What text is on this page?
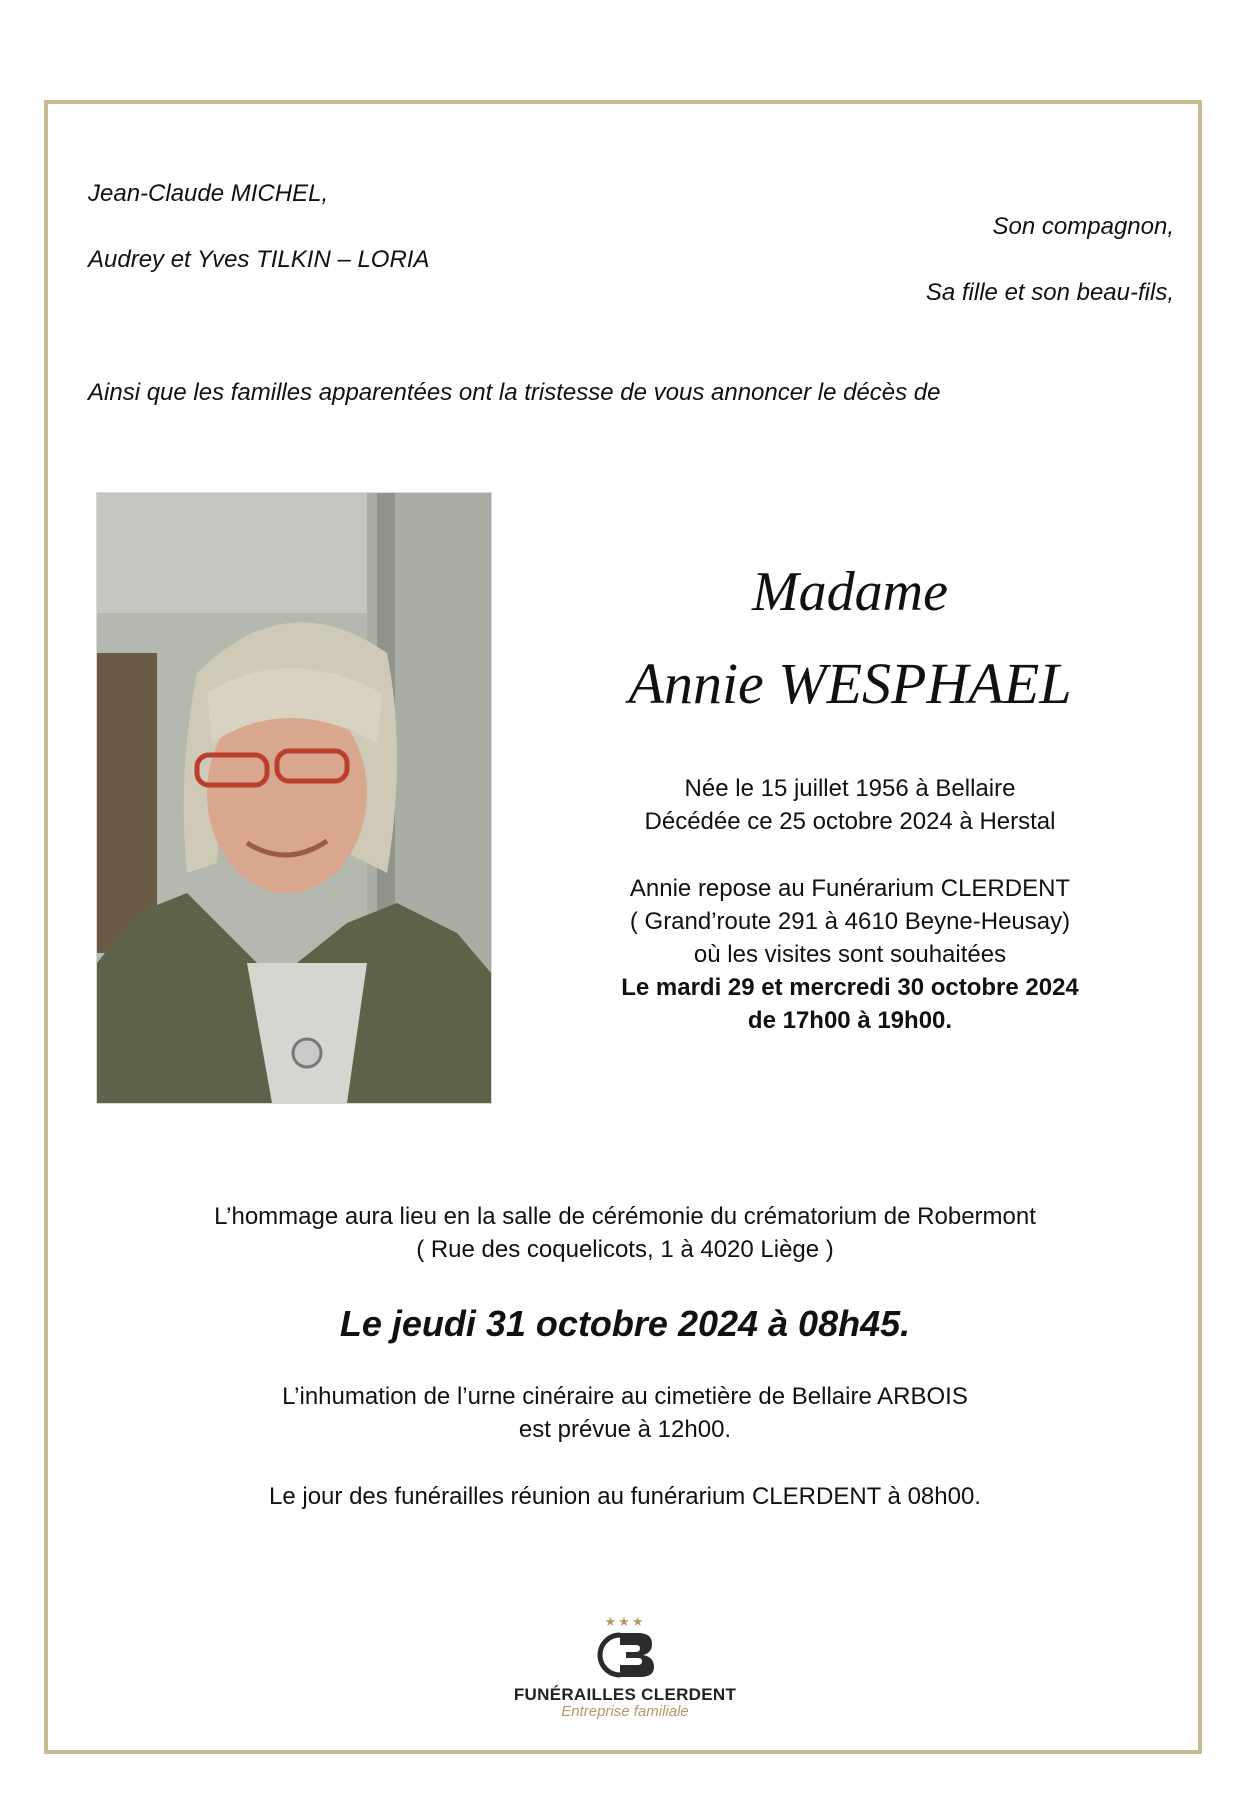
Jean-Claude MICHEL,
Son compagnon,
Audrey et Yves TILKIN – LORIA
Sa fille et son beau-fils,
Ainsi que les familles apparentées ont la tristesse de vous annoncer le décès de
Madame
Annie WESPHAEL
Née le 15 juillet 1956 à Bellaire
Décédée ce 25 octobre 2024 à Herstal
Annie repose au Funérarium CLERDENT
( Grand’route 291 à 4610 Beyne-Heusay)
où les visites sont souhaitées
Le mardi 29 et mercredi 30 octobre 2024
de 17h00 à 19h00.
L’hommage aura lieu en la salle de cérémonie du crématorium de Robermont
( Rue des coquelicots, 1 à 4020 Liège )
Le jeudi 31 octobre 2024 à 08h45.
L’inhumation de l’urne cinéraire au cimetière de Bellaire ARBOIS
est prévue à 12h00.
Le jour des funérailles réunion au funérarium CLERDENT à 08h00.
★★★
FUNÉRAILLES CLERDENT
Entreprise familiale
